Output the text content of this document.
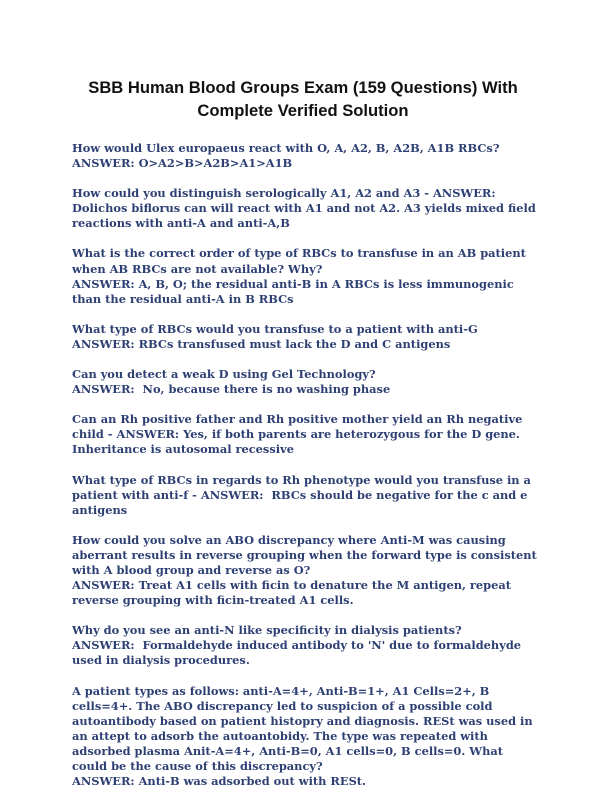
SBB Human Blood Groups Exam (159 Questions) With
Complete Verified Solution
How would Ulex europaeus react with O, A, A2, B, A2B, A1B RBCs?
ANSWER: O>A2>B>A2B>A1>A1B
How could you distinguish serologically A1, A2 and A3 - ANSWER:  Dolichos biflorus can will react with A1 and not A2. A3 yields mixed field reactions with anti-A and anti-A,B
What is the correct order of type of RBCs to transfuse in an AB patient when AB RBCs are not available? Why?
ANSWER: A, B, O; the residual anti-B in A RBCs is less immunogenic than the residual anti-A in B RBCs
What type of RBCs would you transfuse to a patient with anti-G
ANSWER: RBCs transfused must lack the D and C antigens
Can you detect a weak D using Gel Technology?
ANSWER:  No, because there is no washing phase
Can an Rh positive father and Rh positive mother yield an Rh negative child - ANSWER: Yes, if both parents are heterozygous for the D gene. Inheritance is autosomal recessive
What type of RBCs in regards to Rh phenotype would you transfuse in a patient with anti-f - ANSWER:  RBCs should be negative for the c and e antigens
How could you solve an ABO discrepancy where Anti-M was causing aberrant results in reverse grouping when the forward type is consistent with A blood group and reverse as O?
ANSWER: Treat A1 cells with ficin to denature the M antigen, repeat reverse grouping with ficin-treated A1 cells.
Why do you see an anti-N like specificity in dialysis patients?
ANSWER:  Formaldehyde induced antibody to 'N' due to formaldehyde used in dialysis procedures.
A patient types as follows: anti-A=4+, Anti-B=1+, A1 Cells=2+, B cells=4+. The ABO discrepancy led to suspicion of a possible cold autoantibody based on patient histopry and diagnosis. RESt was used in an attept to adsorb the autoantobidy. The type was repeated with adsorbed plasma Anit-A=4+, Anti-B=0, A1 cells=0, B cells=0. What could be the cause of this discrepancy?
ANSWER: Anti-B was adsorbed out with RESt.
